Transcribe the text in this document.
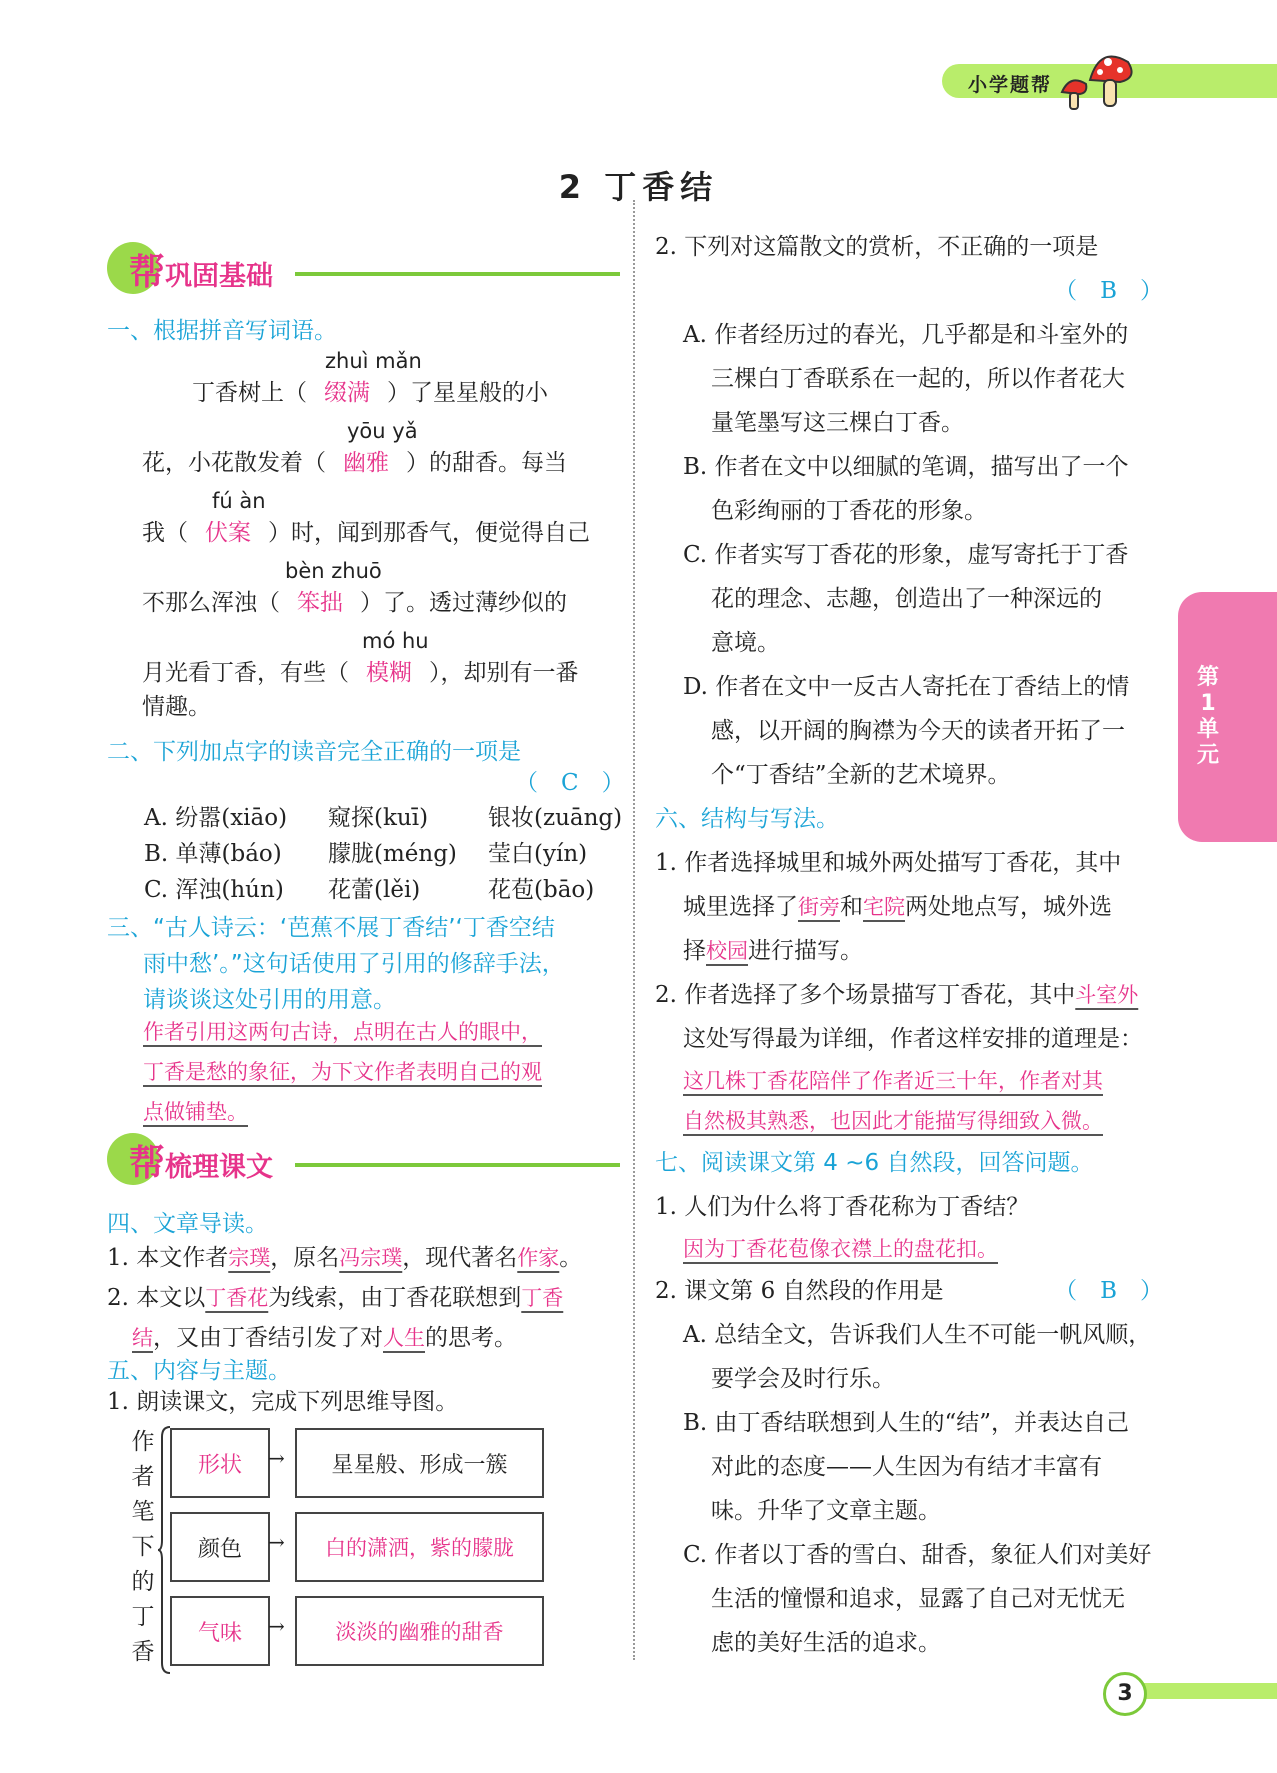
小学题帮
2 丁香结
帮 巩固基础
一、根据拼音写词语。
zhuì mǎn
丁香树上（ 缀满 ）了星星般的小
yōu yǎ
花，小花散发着（ 幽雅 ）的甜香。每当
fú àn
我（ 伏案 ）时，闻到那香气，便觉得自己
bèn zhuō
不那么浑浊（ 笨拙 ）了。透过薄纱似的
mó hu
月光看丁香，有些（ 模糊 ），却别有一番
情趣。
二、下列加点字的读音完全正确的一项是
（　C　）
A. 纷嚣(xiāo)	窥探(kuī)	银妆(zuāng)
B. 单薄(báo)	朦胧(méng)	莹白(yín)
C. 浑浊(hún)	花蕾(lěi)	花苞(bāo)
三、“古人诗云：‘芭蕉不展丁香结’‘丁香空结
雨中愁’。”这句话使用了引用的修辞手法，
请谈谈这处引用的用意。
作者引用这两句古诗，点明在古人的眼中，
丁香是愁的象征，为下文作者表明自己的观
点做铺垫。
帮 梳理课文
四、文章导读。
1. 本文作者宗璞，原名冯宗璞，现代著名作家。
2. 本文以丁香花为线索，由丁香花联想到丁香
结，又由丁香结引发了对人生的思考。
五、内容与主题。
1. 朗读课文，完成下列思维导图。
作
者
笔
下
的
丁
香
形状	→	星星般、形成一簇
颜色	→	白的潇洒，紫的朦胧
气味	→	淡淡的幽雅的甜香
2. 下列对这篇散文的赏析，不正确的一项是
（　B　）
A. 作者经历过的春光，几乎都是和斗室外的
三棵白丁香联系在一起的，所以作者花大
量笔墨写这三棵白丁香。
B. 作者在文中以细腻的笔调，描写出了一个
色彩绚丽的丁香花的形象。
C. 作者实写丁香花的形象，虚写寄托于丁香
花的理念、志趣，创造出了一种深远的
意境。
D. 作者在文中一反古人寄托在丁香结上的情
感，以开阔的胸襟为今天的读者开拓了一
个“丁香结”全新的艺术境界。
六、结构与写法。
1. 作者选择城里和城外两处描写丁香花，其中
城里选择了街旁和宅院两处地点写，城外选
择校园进行描写。
2. 作者选择了多个场景描写丁香花，其中斗室外
这处写得最为详细，作者这样安排的道理是：
这几株丁香花陪伴了作者近三十年，作者对其
自然极其熟悉，也因此才能描写得细致入微。
七、阅读课文第 4 ~6 自然段，回答问题。
1. 人们为什么将丁香花称为丁香结？
因为丁香花苞像衣襟上的盘花扣。
2. 课文第 6 自然段的作用是	（　B　）
A. 总结全文，告诉我们人生不可能一帆风顺，
要学会及时行乐。
B. 由丁香结联想到人生的“结”，并表达自己
对此的态度——人生因为有结才丰富有
味。升华了文章主题。
C. 作者以丁香的雪白、甜香，象征人们对美好
生活的憧憬和追求，显露了自己对无忧无
虑的美好生活的追求。
第
1
单
元
3
